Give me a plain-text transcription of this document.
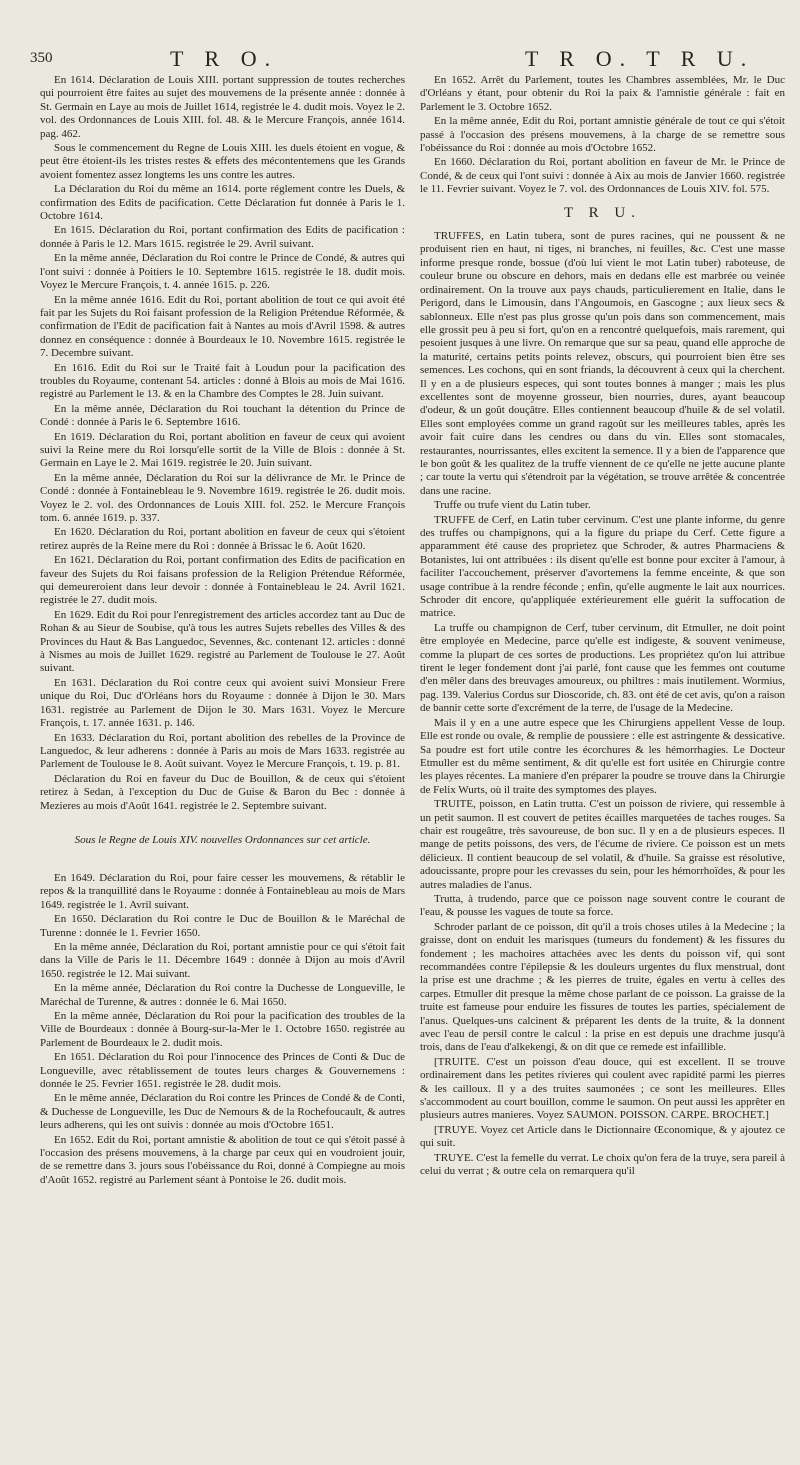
350	T R O.	T R O. T R U.

En 1614. Déclaration de Louis XIII. portant suppression de toutes recherches qui pourroient être faites au sujet des mouvemens de la présente année : donnée à St. Germain en Laye au mois de Juillet 1614, registrée le 4. dudit mois. Voyez le 2. vol. des Ordonnances de Louis XIII. fol. 48. & le Mercure François, année 1614. pag. 462.

Sous le commencement du Regne de Louis XIII. les duels étoient en vogue, & peut être étoient-ils les tristes restes & effets des mécontentemens que les Grands avoient fomentez assez longtems les uns contre les autres.

La Déclaration du Roi du même an 1614. porte réglement contre les Duels, & confirmation des Edits de pacification. Cette Déclaration fut donnée à Paris le 1. Octobre 1614.

En 1615. Déclaration du Roi, portant confirmation des Edits de pacification : donnée à Paris le 12. Mars 1615. registrée le 29. Avril suivant.

En la même année, Déclaration du Roi contre le Prince de Condé, & autres qui l'ont suivi : donnée à Poitiers le 10. Septembre 1615. registrée le 18. dudit mois. Voyez le Mercure François, t. 4. année 1615. p. 226.

En la même année 1616. Edit du Roi, portant abolition de tout ce qui avoit été fait par les Sujets du Roi faisant profession de la Religion Prétendue Réformée, & confirmation de l'Edit de pacification fait à Nantes au mois d'Avril 1598. & autres donnez en conséquence : donnée à Bourdeaux le 10. Novembre 1615. registrée le 7. Decembre suivant.

En 1616. Edit du Roi sur le Traité fait à Loudun pour la pacification des troubles du Royaume, contenant 54. articles : donné à Blois au mois de Mai 1616. registré au Parlement le 13. & en la Chambre des Comptes le 28. Juin suivant.

En la même année, Déclaration du Roi touchant la détention du Prince de Condé : donnée à Paris le 6. Septembre 1616.

En 1619. Déclaration du Roi, portant abolition en faveur de ceux qui avoient suivi la Reine mere du Roi lorsqu'elle sortit de la Ville de Blois : donnée à St. Germain en Laye le 2. Mai 1619. registrée le 20. Juin suivant.

En la même année, Déclaration du Roi sur la délivrance de Mr. le Prince de Condé : donnée à Fontainebleau le 9. Novembre 1619. registrée le 26. dudit mois. Voyez le 2. vol. des Ordonnances de Louis XIII. fol. 252. le Mercure François tom. 6. année 1619. p. 337.

En 1620. Déclaration du Roi, portant abolition en faveur de ceux qui s'étoient retirez auprès de la Reine mere du Roi : donnée à Brissac le 6. Août 1620.

En 1621. Déclaration du Roi, portant confirmation des Edits de pacification en faveur des Sujets du Roi faisans profession de la Religion Prétendue Réformée, qui demeureroient dans leur devoir : donnée à Fontainebleau le 24. Avril 1621. registrée le 27. dudit mois.

En 1629. Edit du Roi pour l'enregistrement des articles accordez tant au Duc de Rohan & au Sieur de Soubise, qu'à tous les autres Sujets rebelles des Villes & des Provinces du Haut & Bas Languedoc, Sevennes, &c. contenant 12. articles : donné à Nismes au mois de Juillet 1629. registré au Parlement de Toulouse le 27. Août suivant.

En 1631. Déclaration du Roi contre ceux qui avoient suivi Monsieur Frere unique du Roi, Duc d'Orléans hors du Royaume : donnée à Dijon le 30. Mars 1631. registrée au Parlement de Dijon le 30. Mars 1631. Voyez le Mercure François, t. 17. année 1631. p. 146.

En 1633. Déclaration du Roi, portant abolition des rebelles de la Province de Languedoc, & leur adherens : donnée à Paris au mois de Mars 1633. registrée au Parlement de Toulouse le 8. Août suivant. Voyez le Mercure François, t. 19. p. 81.

Déclaration du Roi en faveur du Duc de Bouillon, & de ceux qui s'étoient retirez à Sedan, à l'exception du Duc de Guise & Baron du Bec : donnée à Mezieres au mois d'Août 1641. registrée le 2. Septembre suivant.

Sous le Regne de Louis XIV. nouvelles Ordonnances sur cet article.

En 1649. Déclaration du Roi, pour faire cesser les mouvemens, & rétablir le repos & la tranquillité dans le Royaume : donnée à Fontainebleau au mois de Mars 1649. registrée le 1. Avril suivant.

En 1650. Déclaration du Roi contre le Duc de Bouillon & le Maréchal de Turenne : donnée le 1. Fevrier 1650.

En la même année, Déclaration du Roi, portant amnistie pour ce qui s'étoit fait dans la Ville de Paris le 11. Décembre 1649 : donnée à Dijon au mois d'Avril 1650. registrée le 12. Mai suivant.

En la même année, Déclaration du Roi contre la Duchesse de Longueville, le Maréchal de Turenne, & autres : donnée le 6. Mai 1650.

En la même année, Déclaration du Roi pour la pacification des troubles de la Ville de Bourdeaux : donnée à Bourg-sur-la-Mer le 1. Octobre 1650. registrée au Parlement de Bourdeaux le 2. dudit mois.

En 1651. Déclaration du Roi pour l'innocence des Princes de Conti & Duc de Longueville, avec rétablissement de toutes leurs charges & Gouvernemens : donnée le 25. Fevrier 1651. registrée le 28. dudit mois.

En le même année, Déclaration du Roi contre les Princes de Condé & de Conti, & Duchesse de Longueville, les Duc de Nemours & de la Rochefoucault, & autres leurs adherens, qui les ont suivis : donnée au mois d'Octobre 1651.

En 1652. Edit du Roi, portant amnistie & abolition de tout ce qui s'étoit passé à l'occasion des présens mouvemens, à la charge par ceux qui en voudroient jouir, de se remettre dans 3. jours sous l'obéissance du Roi, donné à Compiegne au mois d'Août 1652. registré au Parlement séant à Pontoise le 26. dudit mois.

En 1652. Arrêt du Parlement, toutes les Chambres assemblées, Mr. le Duc d'Orléans y étant, pour obtenir du Roi la paix & l'amnistie générale : fait en Parlement le 3. Octobre 1652.

En la même année, Edit du Roi, portant amnistie générale de tout ce qui s'étoit passé à l'occasion des présens mouvemens, à la charge de se remettre sous l'obéissance du Roi : donnée au mois d'Octobre 1652.

En 1660. Déclaration du Roi, portant abolition en faveur de Mr. le Prince de Condé, & de ceux qui l'ont suivi : donnée à Aix au mois de Janvier 1660. registrée le 11. Fevrier suivant. Voyez le 7. vol. des Ordonnances de Louis XIV. fol. 575.

T R U.

TRUFFES, en Latin tubera, sont de pures racines, qui ne poussent & ne produisent rien en haut, ni tiges, ni branches, ni feuilles, &c. C'est une masse informe presque ronde, bossue (d'où lui vient le mot Latin tuber) raboteuse, de couleur brune ou obscure en dehors, mais en dedans elle est marbrée ou veinée ordinairement. On la trouve aux pays chauds, particulierement en Italie, dans le Perigord, dans le Limousin, dans l'Angoumois, en Gascogne ; aux lieux secs & sablonneux. Elle n'est pas plus grosse qu'un pois dans son commencement, mais elle grossit peu à peu si fort, qu'on en a rencontré quelquefois, mais rarement, qui pesoient jusques à une livre. On remarque que sur sa peau, quand elle approche de la maturité, certains petits points relevez, obscurs, qui pourroient bien être ses semences. Les cochons, qui en sont friands, la découvrent à ceux qui la cherchent. Il y en a de plusieurs especes, qui sont toutes bonnes à manger ; mais les plus excellentes sont de moyenne grosseur, bien nourries, dures, ayant beaucoup d'odeur, & un goût douçâtre. Elles contiennent beaucoup d'huile & de sel volatil. Elles sont employées comme un grand ragoût sur les meilleures tables, après les avoir fait cuire dans les cendres ou dans du vin. Elles sont stomacales, restaurantes, nourrissantes, elles excitent la semence. Il y a bien de l'apparence que le bon goût & les qualitez de la truffe viennent de ce qu'elle ne jette aucune plante ; car toute la vertu qui s'étendroit par la végétation, se trouve arrêtée & concentrée dans une racine.

Truffe ou trufe vient du Latin tuber.

TRUFFE de Cerf, en Latin tuber cervinum. C'est une plante informe, du genre des truffes ou champignons, qui a la figure du priape du Cerf. Cette figure a apparamment été cause des proprietez que Schroder, & autres Pharmaciens & Botanistes, lui ont attribuées : ils disent qu'elle est bonne pour exciter à l'amour, à faciliter l'accouchement, préserver d'avortemens la femme enceinte, & que son usage contribue à la rendre féconde ; enfin, qu'elle augmente le lait aux nourrices. Schroder dit encore, qu'appliquée extérieurement elle guérit la suffocation de matrice.

La truffe ou champignon de Cerf, tuber cervinum, dit Etmuller, ne doit point être employée en Medecine, parce qu'elle est indigeste, & souvent venimeuse, comme la plupart de ces sortes de productions. Les propriétez qu'on lui attribue tirent le leger fondement dont j'ai parlé, font cause que les femmes ont coutume d'en mêler dans des breuvages amoureux, ou philtres : mais inutilement. Wormius, pag. 139. Valerius Cordus sur Dioscoride, ch. 83. ont été de cet avis, qu'on a raison de bannir cette sorte d'excrément de la terre, de l'usage de la Medecine.

Mais il y en a une autre espece que les Chirurgiens appellent Vesse de loup. Elle est ronde ou ovale, & remplie de poussiere : elle est astringente & dessicative. Sa poudre est fort utile contre les écorchures & les hémorrhagies. Le Docteur Etmuller est du même sentiment, & dit qu'elle est fort usitée en Chirurgie contre les playes récentes. La maniere d'en préparer la poudre se trouve dans la Chirurgie de Felix Wurts, où il traite des symptomes des playes.

TRUITE, poisson, en Latin trutta. C'est un poisson de riviere, qui ressemble à un petit saumon. Il est couvert de petites écailles marquetées de taches rouges. Sa chair est rougeâtre, très savoureuse, de bon suc. Il y en a de plusieurs especes. Il mange de petits poissons, des vers, de l'écume de riviere. Ce poisson est un mets délicieux. Il contient beaucoup de sel volatil, & d'huile. Sa graisse est résolutive, adoucissante, propre pour les crevasses du sein, pour les hémorrhoïdes, & pour les autres maladies de l'anus.

Trutta, à trudendo, parce que ce poisson nage souvent contre le courant de l'eau, & pousse les vagues de toute sa force.

Schroder parlant de ce poisson, dit qu'il a trois choses utiles à la Medecine ; la graisse, dont on enduit les marisques (tumeurs du fondement) & les fissures du fondement ; les machoires attachées avec les dents du poisson vif, qui sont recommandées contre l'épilepsie & les douleurs urgentes du flux menstrual, dont la prise est une drachme ; & les pierres de truite, égales en vertu à celles des carpes. Etmuller dit presque la même chose parlant de ce poisson. La graisse de la truite est fameuse pour enduire les fissures de toutes les parties, spécialement de l'anus. Quelques-uns calcinent & préparent les dents de la truite, & la donnent avec l'eau de persil contre le calcul : la prise en est depuis une drachme jusqu'à trois, dans de l'eau d'alkekengi, & on dit que ce remede est infaillible.

[TRUITE. C'est un poisson d'eau douce, qui est excellent. Il se trouve ordinairement dans les petites rivieres qui coulent avec rapidité parmi les pierres & les cailloux. Il y a des truites saumonées ; ce sont les meilleures. Elles s'accommodent au court bouillon, comme le saumon. On peut aussi les apprêter en plusieurs autres manieres. Voyez SAUMON. POISSON. CARPE. BROCHET.]

[TRUYE. Voyez cet Article dans le Dictionnaire Œconomique, & y ajoutez ce qui suit.

TRUYE. C'est la femelle du verrat. Le choix qu'on fera de la truye, sera pareil à celui du verrat ; & outre cela on remarquera qu'il
